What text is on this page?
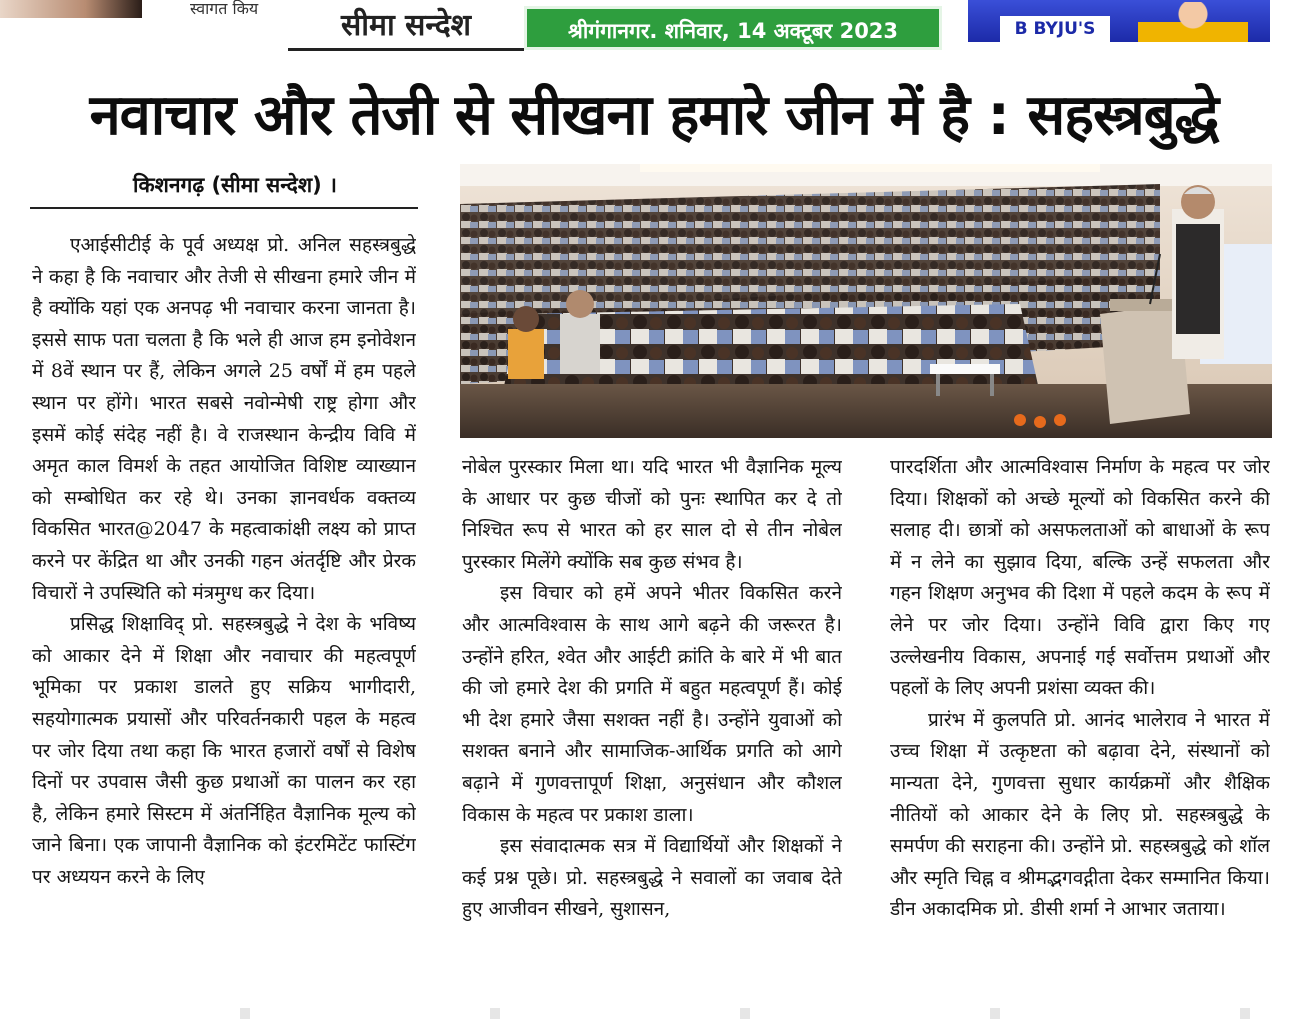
स्वागत किय	सीमा सन्देश	श्रीगंगानगर. शनिवार, 14 अक्टूबर 2023	B BYJU'S
नवाचार और तेजी से सीखना हमारे जीन में है : सहस्त्रबुद्धे
किशनगढ़ (सीमा सन्देश) ।

एआईसीटीई के पूर्व अध्यक्ष प्रो. अनिल सहस्त्रबुद्धे ने कहा है कि नवाचार और तेजी से सीखना हमारे जीन में है क्योंकि यहां एक अनपढ़ भी नवाचार करना जानता है। इससे साफ पता चलता है कि भले ही आज हम इनोवेशन में 8वें स्थान पर हैं, लेकिन अगले 25 वर्षों में हम पहले स्थान पर होंगे। भारत सबसे नवोन्मेषी राष्ट्र होगा और इसमें कोई संदेह नहीं है। वे राजस्थान केन्द्रीय विवि में अमृत काल विमर्श के तहत आयोजित विशिष्ट व्याख्यान को सम्बोधित कर रहे थे। उनका ज्ञानवर्धक वक्तव्य विकसित भारत@2047 के महत्वाकांक्षी लक्ष्य को प्राप्त करने पर केंद्रित था और उनकी गहन अंतर्दृष्टि और प्रेरक विचारों ने उपस्थिति को मंत्रमुग्ध कर दिया।

प्रसिद्ध शिक्षाविद् प्रो. सहस्त्रबुद्धे ने देश के भविष्य को आकार देने में शिक्षा और नवाचार की महत्वपूर्ण भूमिका पर प्रकाश डालते हुए सक्रिय भागीदारी, सहयोगात्मक प्रयासों और परिवर्तनकारी पहल के महत्व पर जोर दिया तथा कहा कि भारत हजारों वर्षों से विशेष दिनों पर उपवास जैसी कुछ प्रथाओं का पालन कर रहा है, लेकिन हमारे सिस्टम में अंतर्निहित वैज्ञानिक मूल्य को जाने बिना। एक जापानी वैज्ञानिक को इंटरमिटेंट फास्टिंग पर अध्ययन करने के लिए

नोबेल पुरस्कार मिला था। यदि भारत भी वैज्ञानिक मूल्य के आधार पर कुछ चीजों को पुनः स्थापित कर दे तो निश्चित रूप से भारत को हर साल दो से तीन नोबेल पुरस्कार मिलेंगे क्योंकि सब कुछ संभव है।

इस विचार को हमें अपने भीतर विकसित करने और आत्मविश्वास के साथ आगे बढ़ने की जरूरत है। उन्होंने हरित, श्वेत और आईटी क्रांति के बारे में भी बात की जो हमारे देश की प्रगति में बहुत महत्वपूर्ण हैं। कोई भी देश हमारे जैसा सशक्त नहीं है। उन्होंने युवाओं को सशक्त बनाने और सामाजिक-आर्थिक प्रगति को आगे बढ़ाने में गुणवत्तापूर्ण शिक्षा, अनुसंधान और कौशल विकास के महत्व पर प्रकाश डाला।

इस संवादात्मक सत्र में विद्यार्थियों और शिक्षकों ने कई प्रश्न पूछे। प्रो. सहस्त्रबुद्धे ने सवालों का जवाब देते हुए आजीवन सीखने, सुशासन,

पारदर्शिता और आत्मविश्वास निर्माण के महत्व पर जोर दिया। शिक्षकों को अच्छे मूल्यों को विकसित करने की सलाह दी। छात्रों को असफलताओं को बाधाओं के रूप में न लेने का सुझाव दिया, बल्कि उन्हें सफलता और गहन शिक्षण अनुभव की दिशा में पहले कदम के रूप में लेने पर जोर दिया। उन्होंने विवि द्वारा किए गए उल्लेखनीय विकास, अपनाई गई सर्वोत्तम प्रथाओं और पहलों के लिए अपनी प्रशंसा व्यक्त की।

प्रारंभ में कुलपति प्रो. आनंद भालेराव ने भारत में उच्च शिक्षा में उत्कृष्टता को बढ़ावा देने, संस्थानों को मान्यता देने, गुणवत्ता सुधार कार्यक्रमों और शैक्षिक नीतियों को आकार देने के लिए प्रो. सहस्त्रबुद्धे के समर्पण की सराहना की। उन्होंने प्रो. सहस्त्रबुद्धे को शॉल और स्मृति चिह्न व श्रीमद्भगवद्गीता देकर सम्मानित किया। डीन अकादमिक प्रो. डीसी शर्मा ने आभार जताया।
